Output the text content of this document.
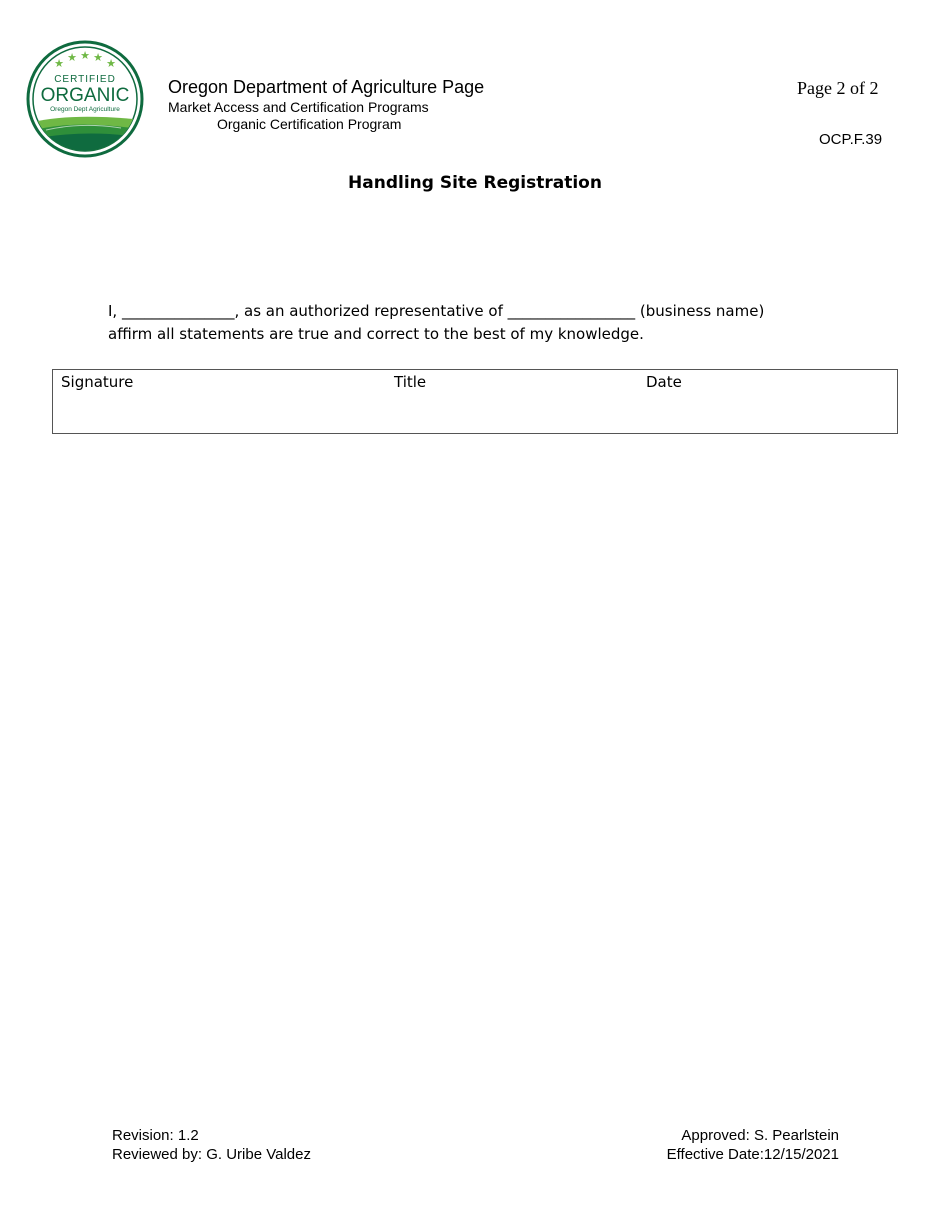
★ ★ ★ ★ ★
CERTIFIED
ORGANIC
Oregon Dept Agriculture
Oregon Department of Agriculture Page
Market Access and Certification Programs
Organic Certification Program
Page 2 of 2
OCP.F.39
Handling Site Registration
I, _______________, as an authorized representative of _________________ (business name)
affirm all statements are true and correct to the best of my knowledge.
Signature	Title	Date
Revision: 1.2
Reviewed by: G. Uribe Valdez
Approved: S. Pearlstein
Effective Date:12/15/2021
